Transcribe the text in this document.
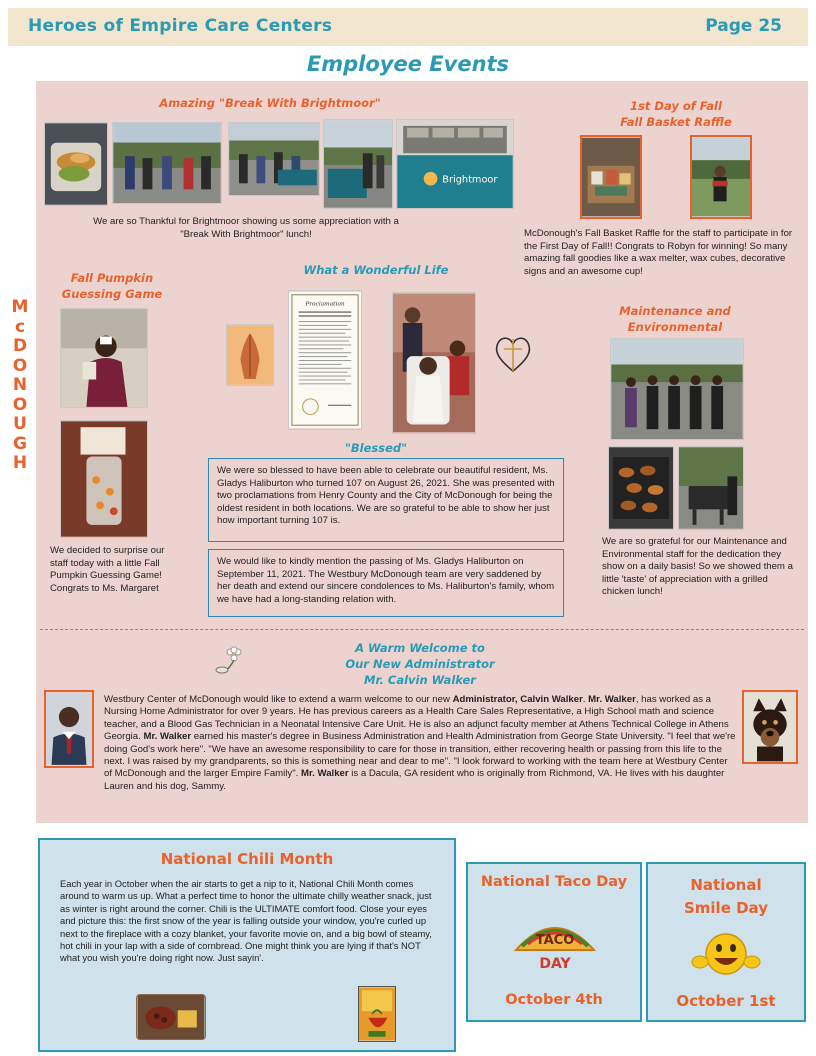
Heroes of Empire Care Centers	Page 25
Employee Events
M
c
D
O
N
O
U
G
H
Amazing "Break With Brightmoor"
Brightmoor
We are so Thankful for Brightmoor showing us some appreciation with a "Break With Brightmoor" lunch!
1st Day of Fall
Fall Basket Raffle
McDonough's Fall Basket Raffle for the staff to participate in for the First Day of Fall!! Congrats to Robyn for winning! So many amazing fall goodies like a wax melter, wax cubes, decorative signs and an awesome cup!
Fall Pumpkin
Guessing Game
We decided to surprise our staff today with a little Fall Pumpkin Guessing Game! Congrats to Ms. Margaret
What a Wonderful Life
Proclamation
"Blessed"
We were so blessed to have been able to celebrate our beautiful resident, Ms. Gladys Haliburton who turned 107 on August 26, 2021. She was presented with two proclamations from Henry County and the City of McDonough for being the oldest resident in both locations. We are so grateful to be able to show her just how important turning 107 is.
We would like to kindly mention the passing of Ms. Gladys Haliburton on September 11, 2021. The Westbury McDonough team are very saddened by her death and extend our sincere condolences to Ms. Haliburton's family, whom we have had a long-standing relation with.
Maintenance and Environmental
We are so grateful for our Maintenance and Environmental staff for the dedication they show on a daily basis! So we showed them a little 'taste' of appreciation with a grilled chicken lunch!
A Warm Welcome to
Our New Administrator
Mr. Calvin Walker
Westbury Center of McDonough would like to extend a warm welcome to our new Administrator, Calvin Walker. Mr. Walker, has worked as a Nursing Home Administrator for over 9 years. He has previous careers as a Health Care Sales Representative, a High School math and science teacher, and a Blood Gas Technician in a Neonatal Intensive Care Unit. He is also an adjunct faculty member at Athens Technical College in Athens Georgia. Mr. Walker earned his master's degree in Business Administration and Health Administration from George State University. "I feel that we're doing God's work here". "We have an awesome responsibility to care for those in transition, either recovering health or passing from this life to the next. I was raised by my grandparents, so this is something near and dear to me". "I look forward to working with the team here at Westbury Center of McDonough and the larger Empire Family". Mr. Walker is a Dacula, GA resident who is originally from Richmond, VA. He lives with his daughter Lauren and his dog, Sammy.
National Chili Month
Each year in October when the air starts to get a nip to it, National Chili Month comes around to warm us up. What a perfect time to honor the ultimate chilly weather snack, just as winter is right around the corner. Chili is the ULTIMATE comfort food. Close your eyes and picture this: the first snow of the year is falling outside your window, you're curled up next to the fireplace with a cozy blanket, your favorite movie on, and a big bowl of steamy, hot chili in your lap with a side of cornbread. One might think you are lying if that's NOT what you wish you're doing right now. Just sayin'.
National Taco Day
TACO
DAY
October 4th
National
Smile Day
October 1st
